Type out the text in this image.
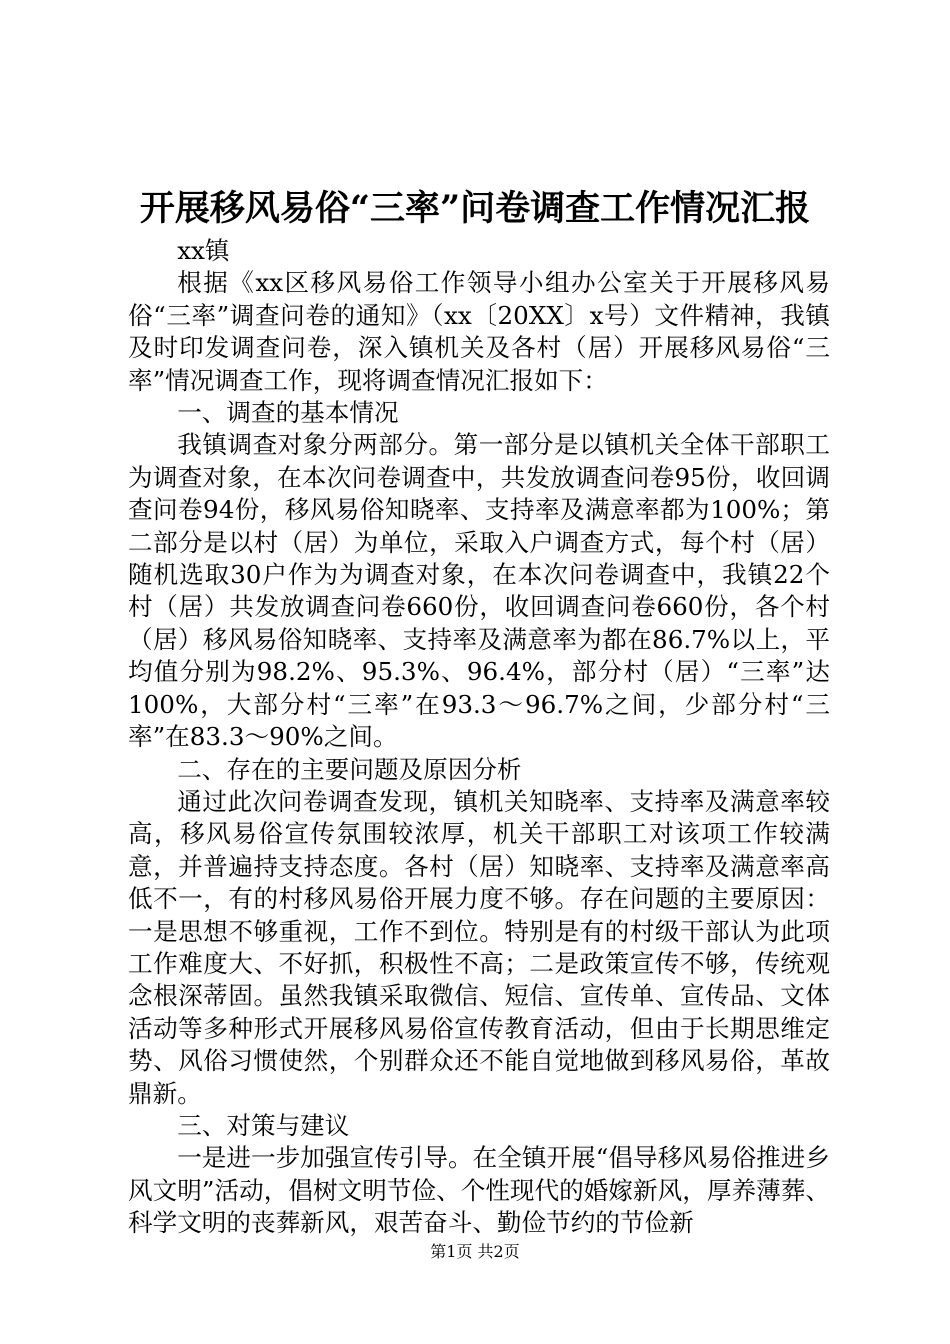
开展移风易俗“三率”问卷调查工作情况汇报

xx镇

根据《xx区移风易俗工作领导小组办公室关于开展移风易俗“三率”调查问卷的通知》（xx〔20XX〕x号）文件精神，我镇及时印发调查问卷，深入镇机关及各村（居）开展移风易俗“三率”情况调查工作，现将调查情况汇报如下：

一、调查的基本情况

我镇调查对象分两部分。第一部分是以镇机关全体干部职工为调查对象，在本次问卷调查中，共发放调查问卷95份，收回调查问卷94份，移风易俗知晓率、支持率及满意率都为100%；第二部分是以村（居）为单位，采取入户调查方式，每个村（居）随机选取30户作为为调查对象，在本次问卷调查中，我镇22个村（居）共发放调查问卷660份，收回调查问卷660份，各个村（居）移风易俗知晓率、支持率及满意率为都在86.7%以上，平均值分别为98.2%、95.3%、96.4%，部分村（居）“三率”达100%，大部分村“三率”在93.3～96.7%之间，少部分村“三率”在83.3～90%之间。

二、存在的主要问题及原因分析

通过此次问卷调查发现，镇机关知晓率、支持率及满意率较高，移风易俗宣传氛围较浓厚，机关干部职工对该项工作较满意，并普遍持支持态度。各村（居）知晓率、支持率及满意率高低不一，有的村移风易俗开展力度不够。存在问题的主要原因：一是思想不够重视，工作不到位。特别是有的村级干部认为此项工作难度大、不好抓，积极性不高；二是政策宣传不够，传统观念根深蒂固。虽然我镇采取微信、短信、宣传单、宣传品、文体活动等多种形式开展移风易俗宣传教育活动，但由于长期思维定势、风俗习惯使然，个别群众还不能自觉地做到移风易俗，革故鼎新。

三、对策与建议

一是进一步加强宣传引导。在全镇开展“倡导移风易俗推进乡风文明”活动，倡树文明节俭、个性现代的婚嫁新风，厚养薄葬、科学文明的丧葬新风，艰苦奋斗、勤俭节约的节俭新

第1页 共2页
